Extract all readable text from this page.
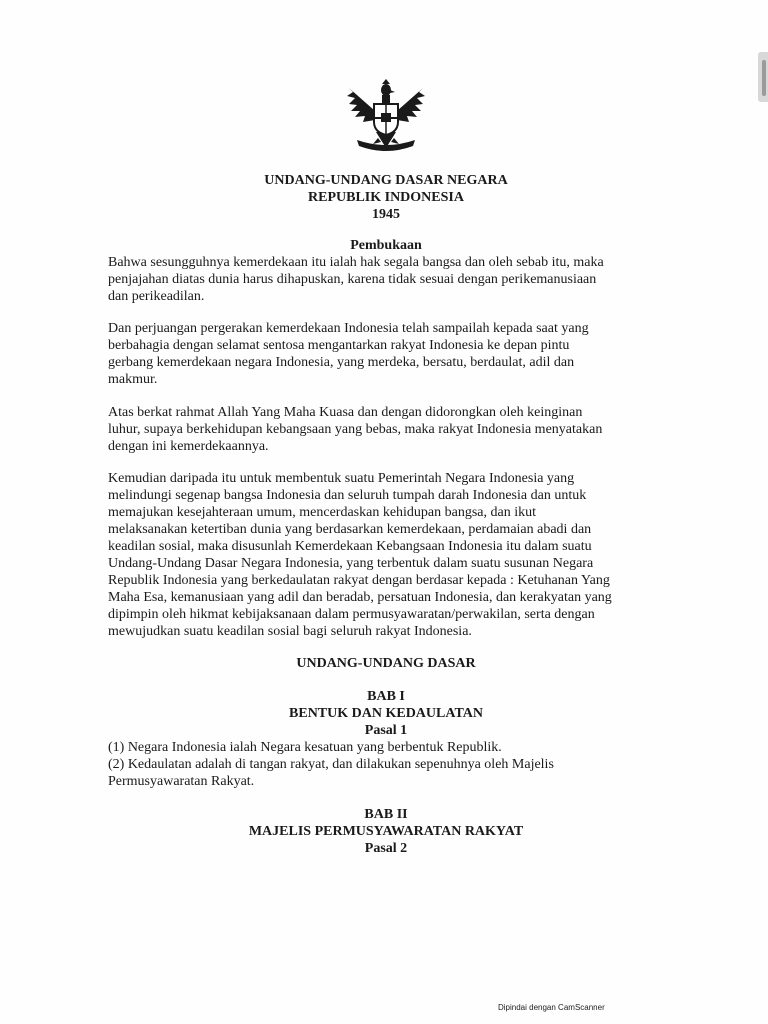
UNDANG-UNDANG DASAR NEGARA
REPUBLIK INDONESIA
1945
Pembukaan
Bahwa sesungguhnya kemerdekaan itu ialah hak segala bangsa dan oleh sebab itu, maka
penjajahan diatas dunia harus dihapuskan, karena tidak sesuai dengan perikemanusiaan
dan perikeadilan.
Dan perjuangan pergerakan kemerdekaan Indonesia telah sampailah kepada saat yang
berbahagia dengan selamat sentosa mengantarkan rakyat Indonesia ke depan pintu
gerbang kemerdekaan negara Indonesia, yang merdeka, bersatu, berdaulat, adil dan
makmur.
Atas berkat rahmat Allah Yang Maha Kuasa dan dengan didorongkan oleh keinginan
luhur, supaya berkehidupan kebangsaan yang bebas, maka rakyat Indonesia menyatakan
dengan ini kemerdekaannya.
Kemudian daripada itu untuk membentuk suatu Pemerintah Negara Indonesia yang
melindungi segenap bangsa Indonesia dan seluruh tumpah darah Indonesia dan untuk
memajukan kesejahteraan umum, mencerdaskan kehidupan bangsa, dan ikut
melaksanakan ketertiban dunia yang berdasarkan kemerdekaan, perdamaian abadi dan
keadilan sosial, maka disusunlah Kemerdekaan Kebangsaan Indonesia itu dalam suatu
Undang-Undang Dasar Negara Indonesia, yang terbentuk dalam suatu susunan Negara
Republik Indonesia yang berkedaulatan rakyat dengan berdasar kepada : Ketuhanan Yang
Maha Esa, kemanusiaan yang adil dan beradab, persatuan Indonesia, dan kerakyatan yang
dipimpin oleh hikmat kebijaksanaan dalam permusyawaratan/perwakilan, serta dengan
mewujudkan suatu keadilan sosial bagi seluruh rakyat Indonesia.
UNDANG-UNDANG DASAR
BAB I
BENTUK DAN KEDAULATAN
Pasal 1
(1) Negara Indonesia ialah Negara kesatuan yang berbentuk Republik.
(2) Kedaulatan adalah di tangan rakyat, dan dilakukan sepenuhnya oleh Majelis
Permusyawaratan Rakyat.
BAB II
MAJELIS PERMUSYAWARATAN RAKYAT
Pasal 2
Dipindai dengan CamScanner
